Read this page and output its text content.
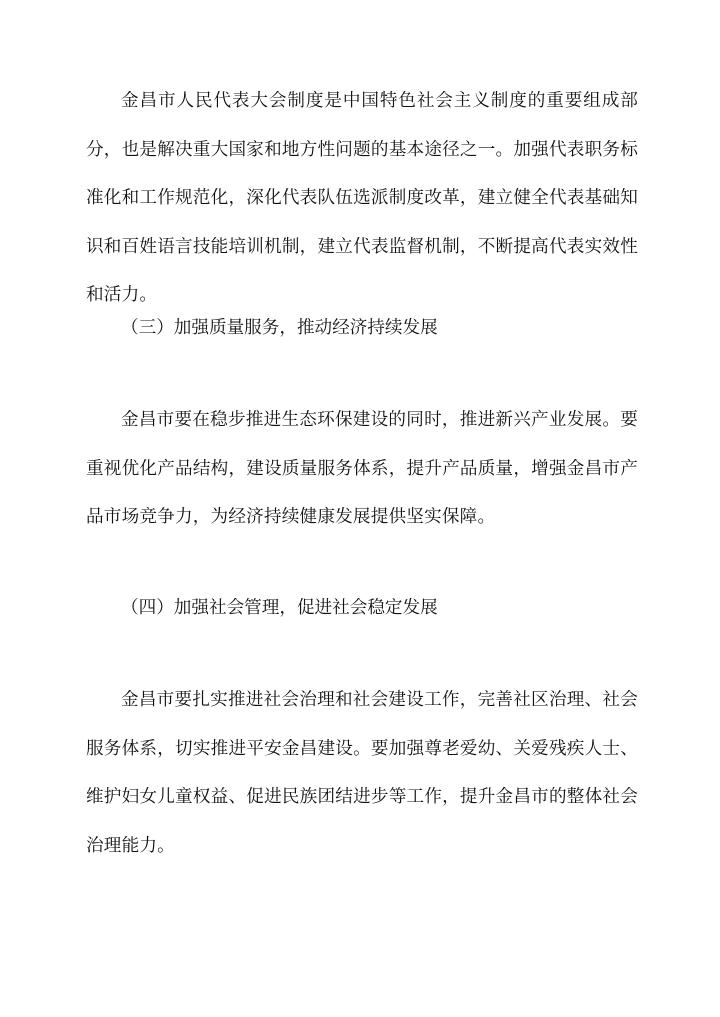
金昌市人民代表大会制度是中国特色社会主义制度的重要组成部分，也是解决重大国家和地方性问题的基本途径之一。加强代表职务标准化和工作规范化，深化代表队伍选派制度改革，建立健全代表基础知识和百姓语言技能培训机制，建立代表监督机制，不断提高代表实效性和活力。

（三）加强质量服务，推动经济持续发展

金昌市要在稳步推进生态环保建设的同时，推进新兴产业发展。要重视优化产品结构，建设质量服务体系，提升产品质量，增强金昌市产品市场竞争力，为经济持续健康发展提供坚实保障。

（四）加强社会管理，促进社会稳定发展

金昌市要扎实推进社会治理和社会建设工作，完善社区治理、社会服务体系，切实推进平安金昌建设。要加强尊老爱幼、关爱残疾人士、维护妇女儿童权益、促进民族团结进步等工作，提升金昌市的整体社会治理能力。
